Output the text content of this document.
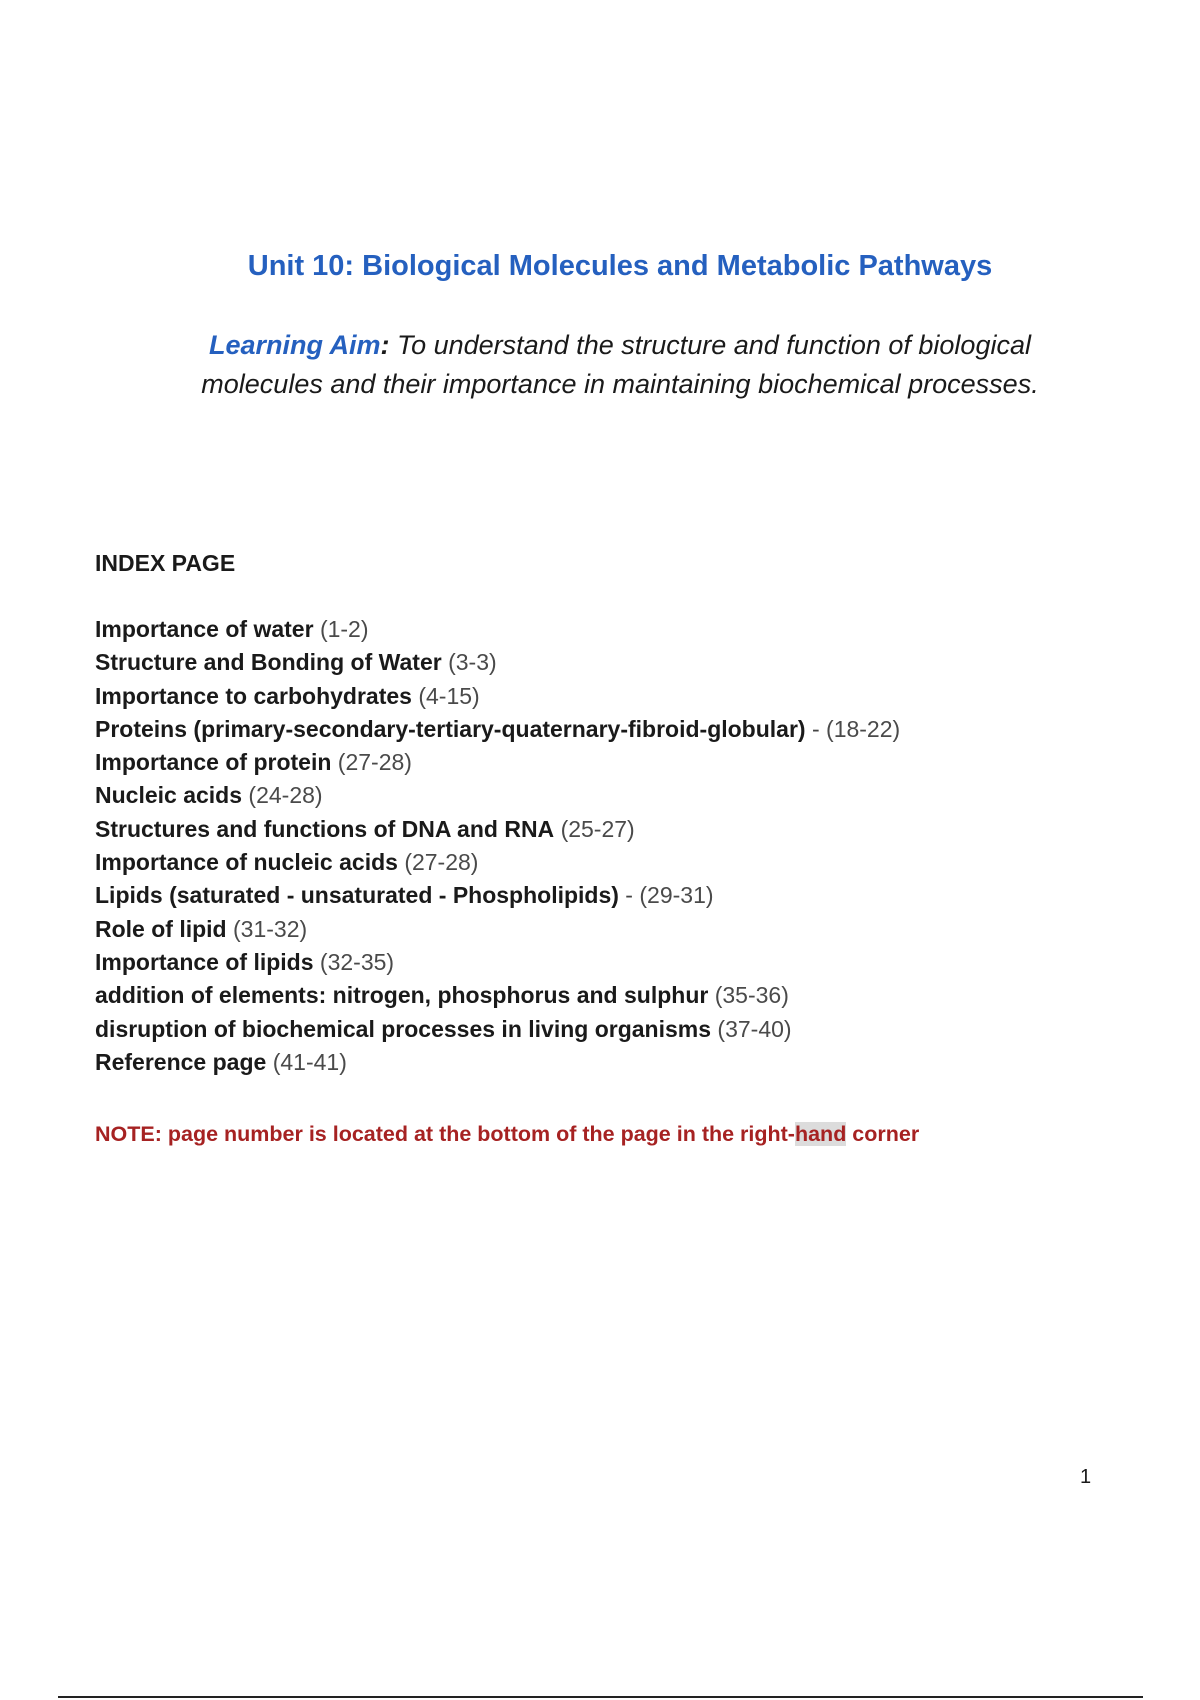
Unit 10: Biological Molecules and Metabolic Pathways
Learning Aim: To understand the structure and function of biological molecules and their importance in maintaining biochemical processes.
INDEX PAGE
Importance of water (1-2)
Structure and Bonding of Water (3-3)
Importance to carbohydrates (4-15)
Proteins (primary-secondary-tertiary-quaternary-fibroid-globular) - (18-22)
Importance of protein (27-28)
Nucleic acids (24-28)
Structures and functions of DNA and RNA (25-27)
Importance of nucleic acids (27-28)
Lipids (saturated - unsaturated - Phospholipids) - (29-31)
Role of lipid (31-32)
Importance of lipids (32-35)
addition of elements: nitrogen, phosphorus and sulphur (35-36)
disruption of biochemical processes in living organisms (37-40)
Reference page (41-41)
NOTE: page number is located at the bottom of the page in the right-hand corner
1
